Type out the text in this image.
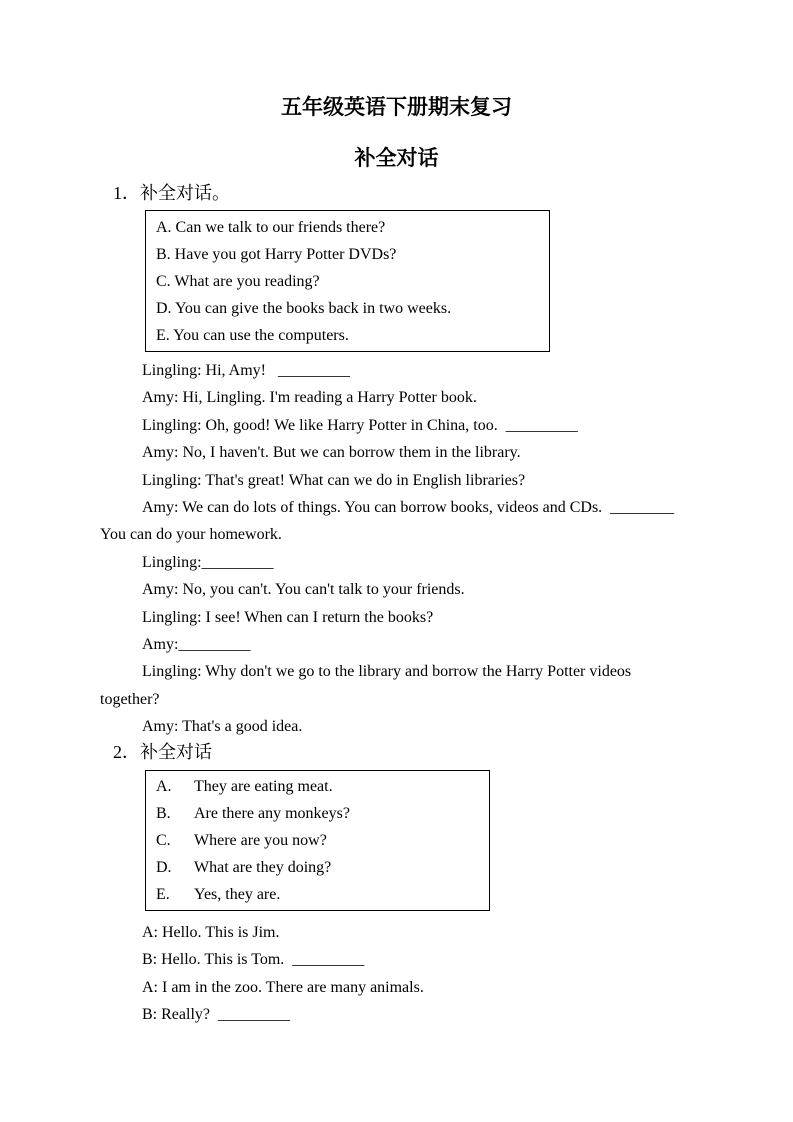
五年级英语下册期末复习
补全对话
1．补全对话。
A. Can we talk to our friends there?
B. Have you got Harry Potter DVDs?
C. What are you reading?
D. You can give the books back in two weeks.
E. You can use the computers.
Lingling: Hi, Amy!   _________
Amy: Hi, Lingling. I'm reading a Harry Potter book.
Lingling: Oh, good! We like Harry Potter in China, too.  _________
Amy: No, I haven't. But we can borrow them in the library.
Lingling: That's great! What can we do in English libraries?
Amy: We can do lots of things. You can borrow books, videos and CDs.  ________
You can do your homework.
Lingling:_________
Amy: No, you can't. You can't talk to your friends.
Lingling: I see! When can I return the books?
Amy:_________
Lingling: Why don't we go to the library and borrow the Harry Potter videos
together?
Amy: That's a good idea.
2．补全对话
A.	They are eating meat.
B.	Are there any monkeys?
C.	Where are you now?
D.	What are they doing?
E.	Yes, they are.
A: Hello. This is Jim.
B: Hello. This is Tom.  _________
A: I am in the zoo. There are many animals.
B: Really?  _________
